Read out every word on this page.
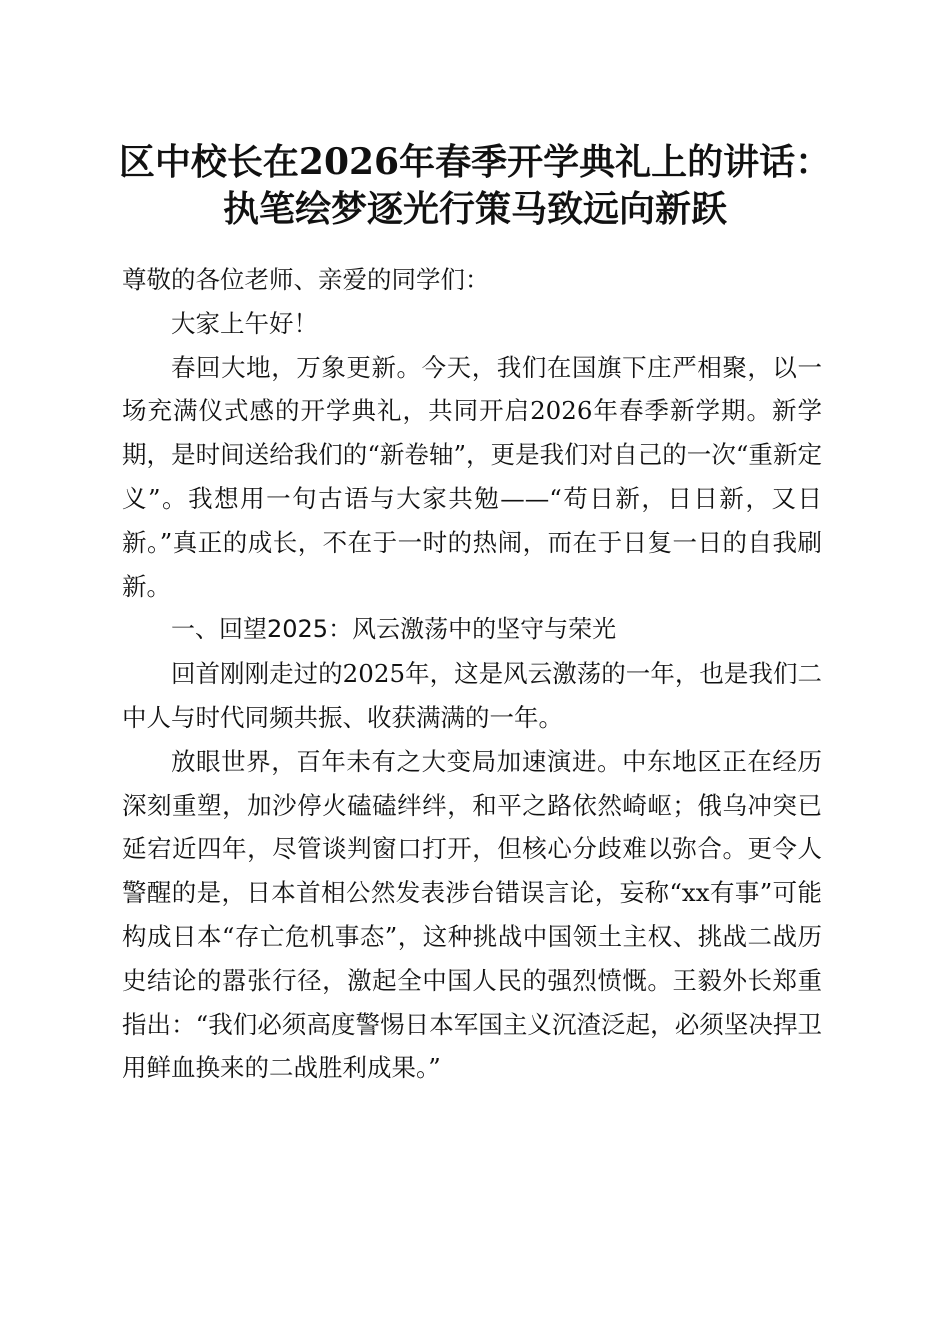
区中校长在2026年春季开学典礼上的讲话：
执笔绘梦逐光行策马致远向新跃

尊敬的各位老师、亲爱的同学们：

大家上午好！

春回大地，万象更新。今天，我们在国旗下庄严相聚，以一场充满仪式感的开学典礼，共同开启2026年春季新学期。新学期，是时间送给我们的“新卷轴”，更是我们对自己的一次“重新定义”。我想用一句古语与大家共勉——“苟日新，日日新，又日新。”真正的成长，不在于一时的热闹，而在于日复一日的自我刷新。

一、回望2025：风云激荡中的坚守与荣光

回首刚刚走过的2025年，这是风云激荡的一年，也是我们二中人与时代同频共振、收获满满的一年。

放眼世界，百年未有之大变局加速演进。中东地区正在经历深刻重塑，加沙停火磕磕绊绊，和平之路依然崎岖；俄乌冲突已延宕近四年，尽管谈判窗口打开，但核心分歧难以弥合。更令人警醒的是，日本首相公然发表涉台错误言论，妄称“xx有事”可能构成日本“存亡危机事态”，这种挑战中国领土主权、挑战二战历史结论的嚣张行径，激起全中国人民的强烈愤慨。王毅外长郑重指出：“我们必须高度警惕日本军国主义沉渣泛起，必须坚决捍卫用鲜血换来的二战胜利成果。”
